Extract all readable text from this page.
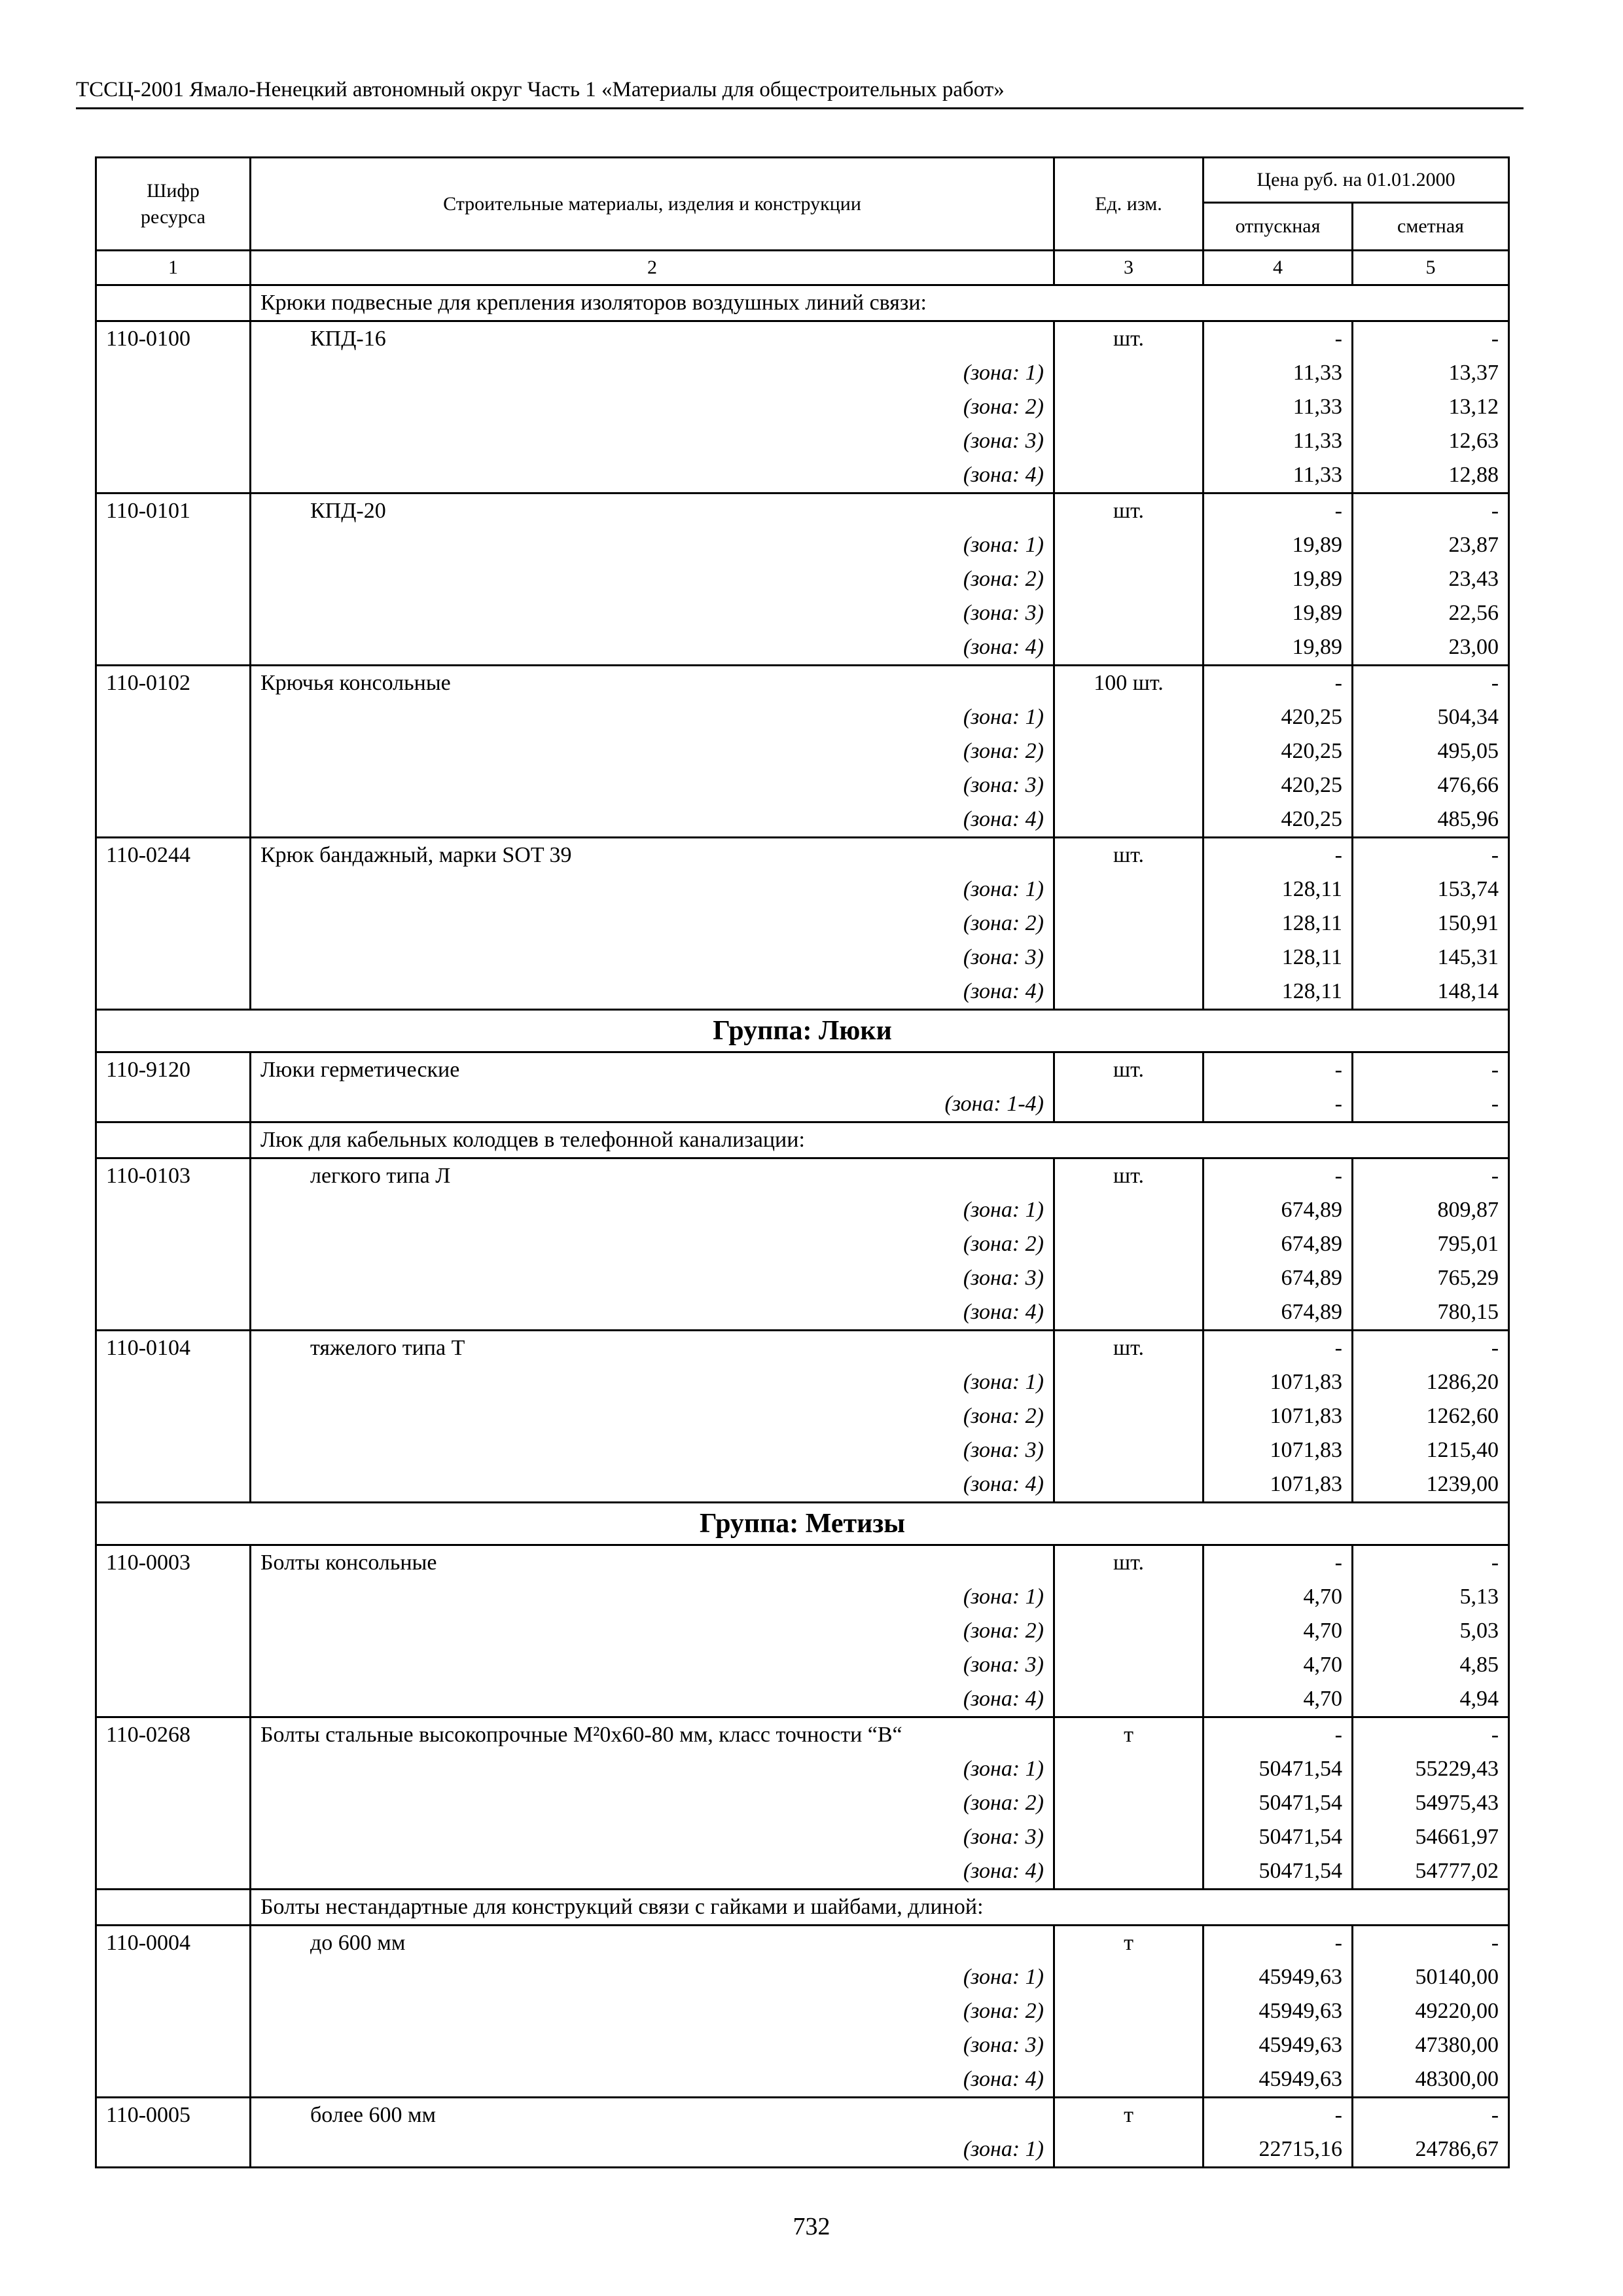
ТССЦ-2001 Ямало-Ненецкий автономный округ Часть 1 «Материалы для общестроительных работ»
Шифр ресурса	Строительные материалы, изделия и конструкции	Ед. изм.	Цена руб. на 01.01.2000	
			отпускная	сметная
1	2	3	4	5
	Крюки подвесные для крепления изоляторов воздушных линий связи:			
110-0100	КПД-16	шт.	-	-
	(зона: 1)		11,33	13,37
	(зона: 2)		11,33	13,12
	(зона: 3)		11,33	12,63
	(зона: 4)		11,33	12,88
110-0101	КПД-20	шт.	-	-
	(зона: 1)		19,89	23,87
	(зона: 2)		19,89	23,43
	(зона: 3)		19,89	22,56
	(зона: 4)		19,89	23,00
110-0102	Крючья консольные	100 шт.	-	-
	(зона: 1)		420,25	504,34
	(зона: 2)		420,25	495,05
	(зона: 3)		420,25	476,66
	(зона: 4)		420,25	485,96
110-0244	Крюк бандажный, марки SOT 39	шт.	-	-
	(зона: 1)		128,11	153,74
	(зона: 2)		128,11	150,91
	(зона: 3)		128,11	145,31
	(зона: 4)		128,11	148,14
Группа: Люки				
110-9120	Люки герметические	шт.	-	-
	(зона: 1-4)		-	-
	Люк для кабельных колодцев в телефонной канализации:			
110-0103	легкого типа Л	шт.	-	-
	(зона: 1)		674,89	809,87
	(зона: 2)		674,89	795,01
	(зона: 3)		674,89	765,29
	(зона: 4)		674,89	780,15
110-0104	тяжелого типа Т	шт.	-	-
	(зона: 1)		1071,83	1286,20
	(зона: 2)		1071,83	1262,60
	(зона: 3)		1071,83	1215,40
	(зона: 4)		1071,83	1239,00
Группа: Метизы				
110-0003	Болты консольные	шт.	-	-
	(зона: 1)		4,70	5,13
	(зона: 2)		4,70	5,03
	(зона: 3)		4,70	4,85
	(зона: 4)		4,70	4,94
110-0268	Болты стальные высокопрочные М²0х60-80 мм, класс точности “В“	т	-	-
	(зона: 1)		50471,54	55229,43
	(зона: 2)		50471,54	54975,43
	(зона: 3)		50471,54	54661,97
	(зона: 4)		50471,54	54777,02
	Болты нестандартные для конструкций связи с гайками и шайбами, длиной:			
110-0004	до 600 мм	т	-	-
	(зона: 1)		45949,63	50140,00
	(зона: 2)		45949,63	49220,00
	(зона: 3)		45949,63	47380,00
	(зона: 4)		45949,63	48300,00
110-0005	более 600 мм	т	-	-
	(зона: 1)		22715,16	24786,67
732
